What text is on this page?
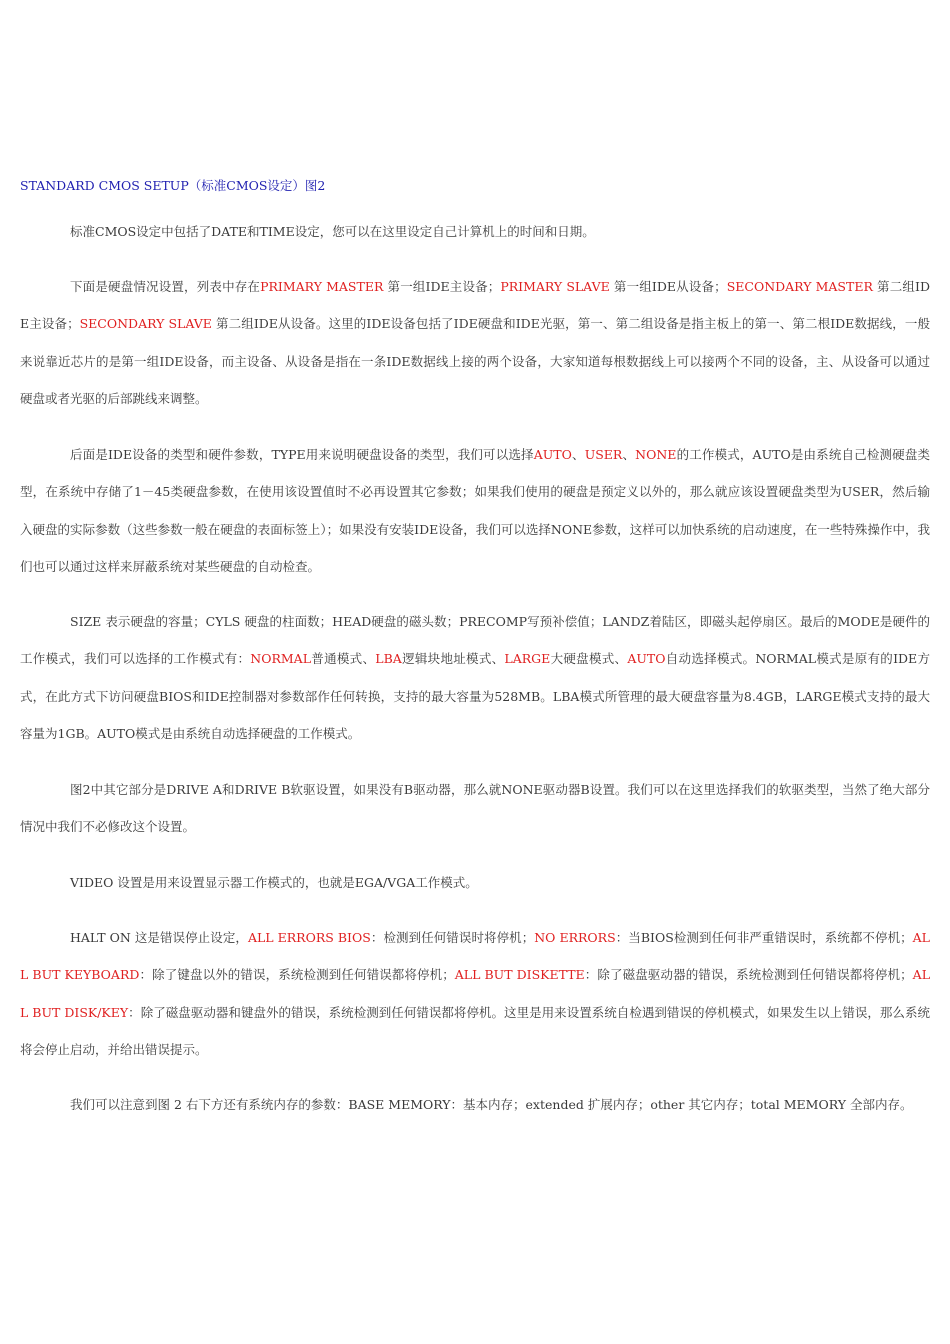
STANDARD CMOS SETUP（标准CMOS设定）图2

标准CMOS设定中包括了DATE和TIME设定，您可以在这里设定自己计算机上的时间和日期。

下面是硬盘情况设置，列表中存在PRIMARY MASTER 第一组IDE主设备；PRIMARY SLAVE 第一组IDE从设备；SECONDARY MASTER 第二组IDE主设备；SECONDARY SLAVE 第二组IDE从设备。这里的IDE设备包括了IDE硬盘和IDE光驱，第一、第二组设备是指主板上的第一、第二根IDE数据线，一般来说靠近芯片的是第一组IDE设备，而主设备、从设备是指在一条IDE数据线上接的两个设备，大家知道每根数据线上可以接两个不同的设备，主、从设备可以通过硬盘或者光驱的后部跳线来调整。

后面是IDE设备的类型和硬件参数，TYPE用来说明硬盘设备的类型，我们可以选择AUTO、USER、NONE的工作模式，AUTO是由系统自己检测硬盘类型，在系统中存储了1－45类硬盘参数，在使用该设置值时不必再设置其它参数；如果我们使用的硬盘是预定义以外的，那么就应该设置硬盘类型为USER，然后输入硬盘的实际参数（这些参数一般在硬盘的表面标签上）；如果没有安装IDE设备，我们可以选择NONE参数，这样可以加快系统的启动速度，在一些特殊操作中，我们也可以通过这样来屏蔽系统对某些硬盘的自动检查。

SIZE 表示硬盘的容量；CYLS 硬盘的柱面数；HEAD硬盘的磁头数；PRECOMP写预补偿值；LANDZ着陆区，即磁头起停扇区。最后的MODE是硬件的工作模式，我们可以选择的工作模式有：NORMAL普通模式、LBA逻辑块地址模式、LARGE大硬盘模式、AUTO自动选择模式。NORMAL模式是原有的IDE方式，在此方式下访问硬盘BIOS和IDE控制器对参数部作任何转换，支持的最大容量为528MB。LBA模式所管理的最大硬盘容量为8.4GB，LARGE模式支持的最大容量为1GB。AUTO模式是由系统自动选择硬盘的工作模式。

图2中其它部分是DRIVE A和DRIVE B软驱设置，如果没有B驱动器，那么就NONE驱动器B设置。我们可以在这里选择我们的软驱类型，当然了绝大部分情况中我们不必修改这个设置。

VIDEO 设置是用来设置显示器工作模式的，也就是EGA/VGA工作模式。

HALT ON 这是错误停止设定，ALL ERRORS BIOS：检测到任何错误时将停机；NO ERRORS：当BIOS检测到任何非严重错误时，系统都不停机；ALL BUT KEYBOARD：除了键盘以外的错误，系统检测到任何错误都将停机；ALL BUT DISKETTE：除了磁盘驱动器的错误，系统检测到任何错误都将停机；ALL BUT DISK/KEY：除了磁盘驱动器和键盘外的错误，系统检测到任何错误都将停机。这里是用来设置系统自检遇到错误的停机模式，如果发生以上错误，那么系统将会停止启动，并给出错误提示。

我们可以注意到图 2 右下方还有系统内存的参数：BASE MEMORY：基本内存；extended 扩展内存；other 其它内存；total MEMORY 全部内存。
